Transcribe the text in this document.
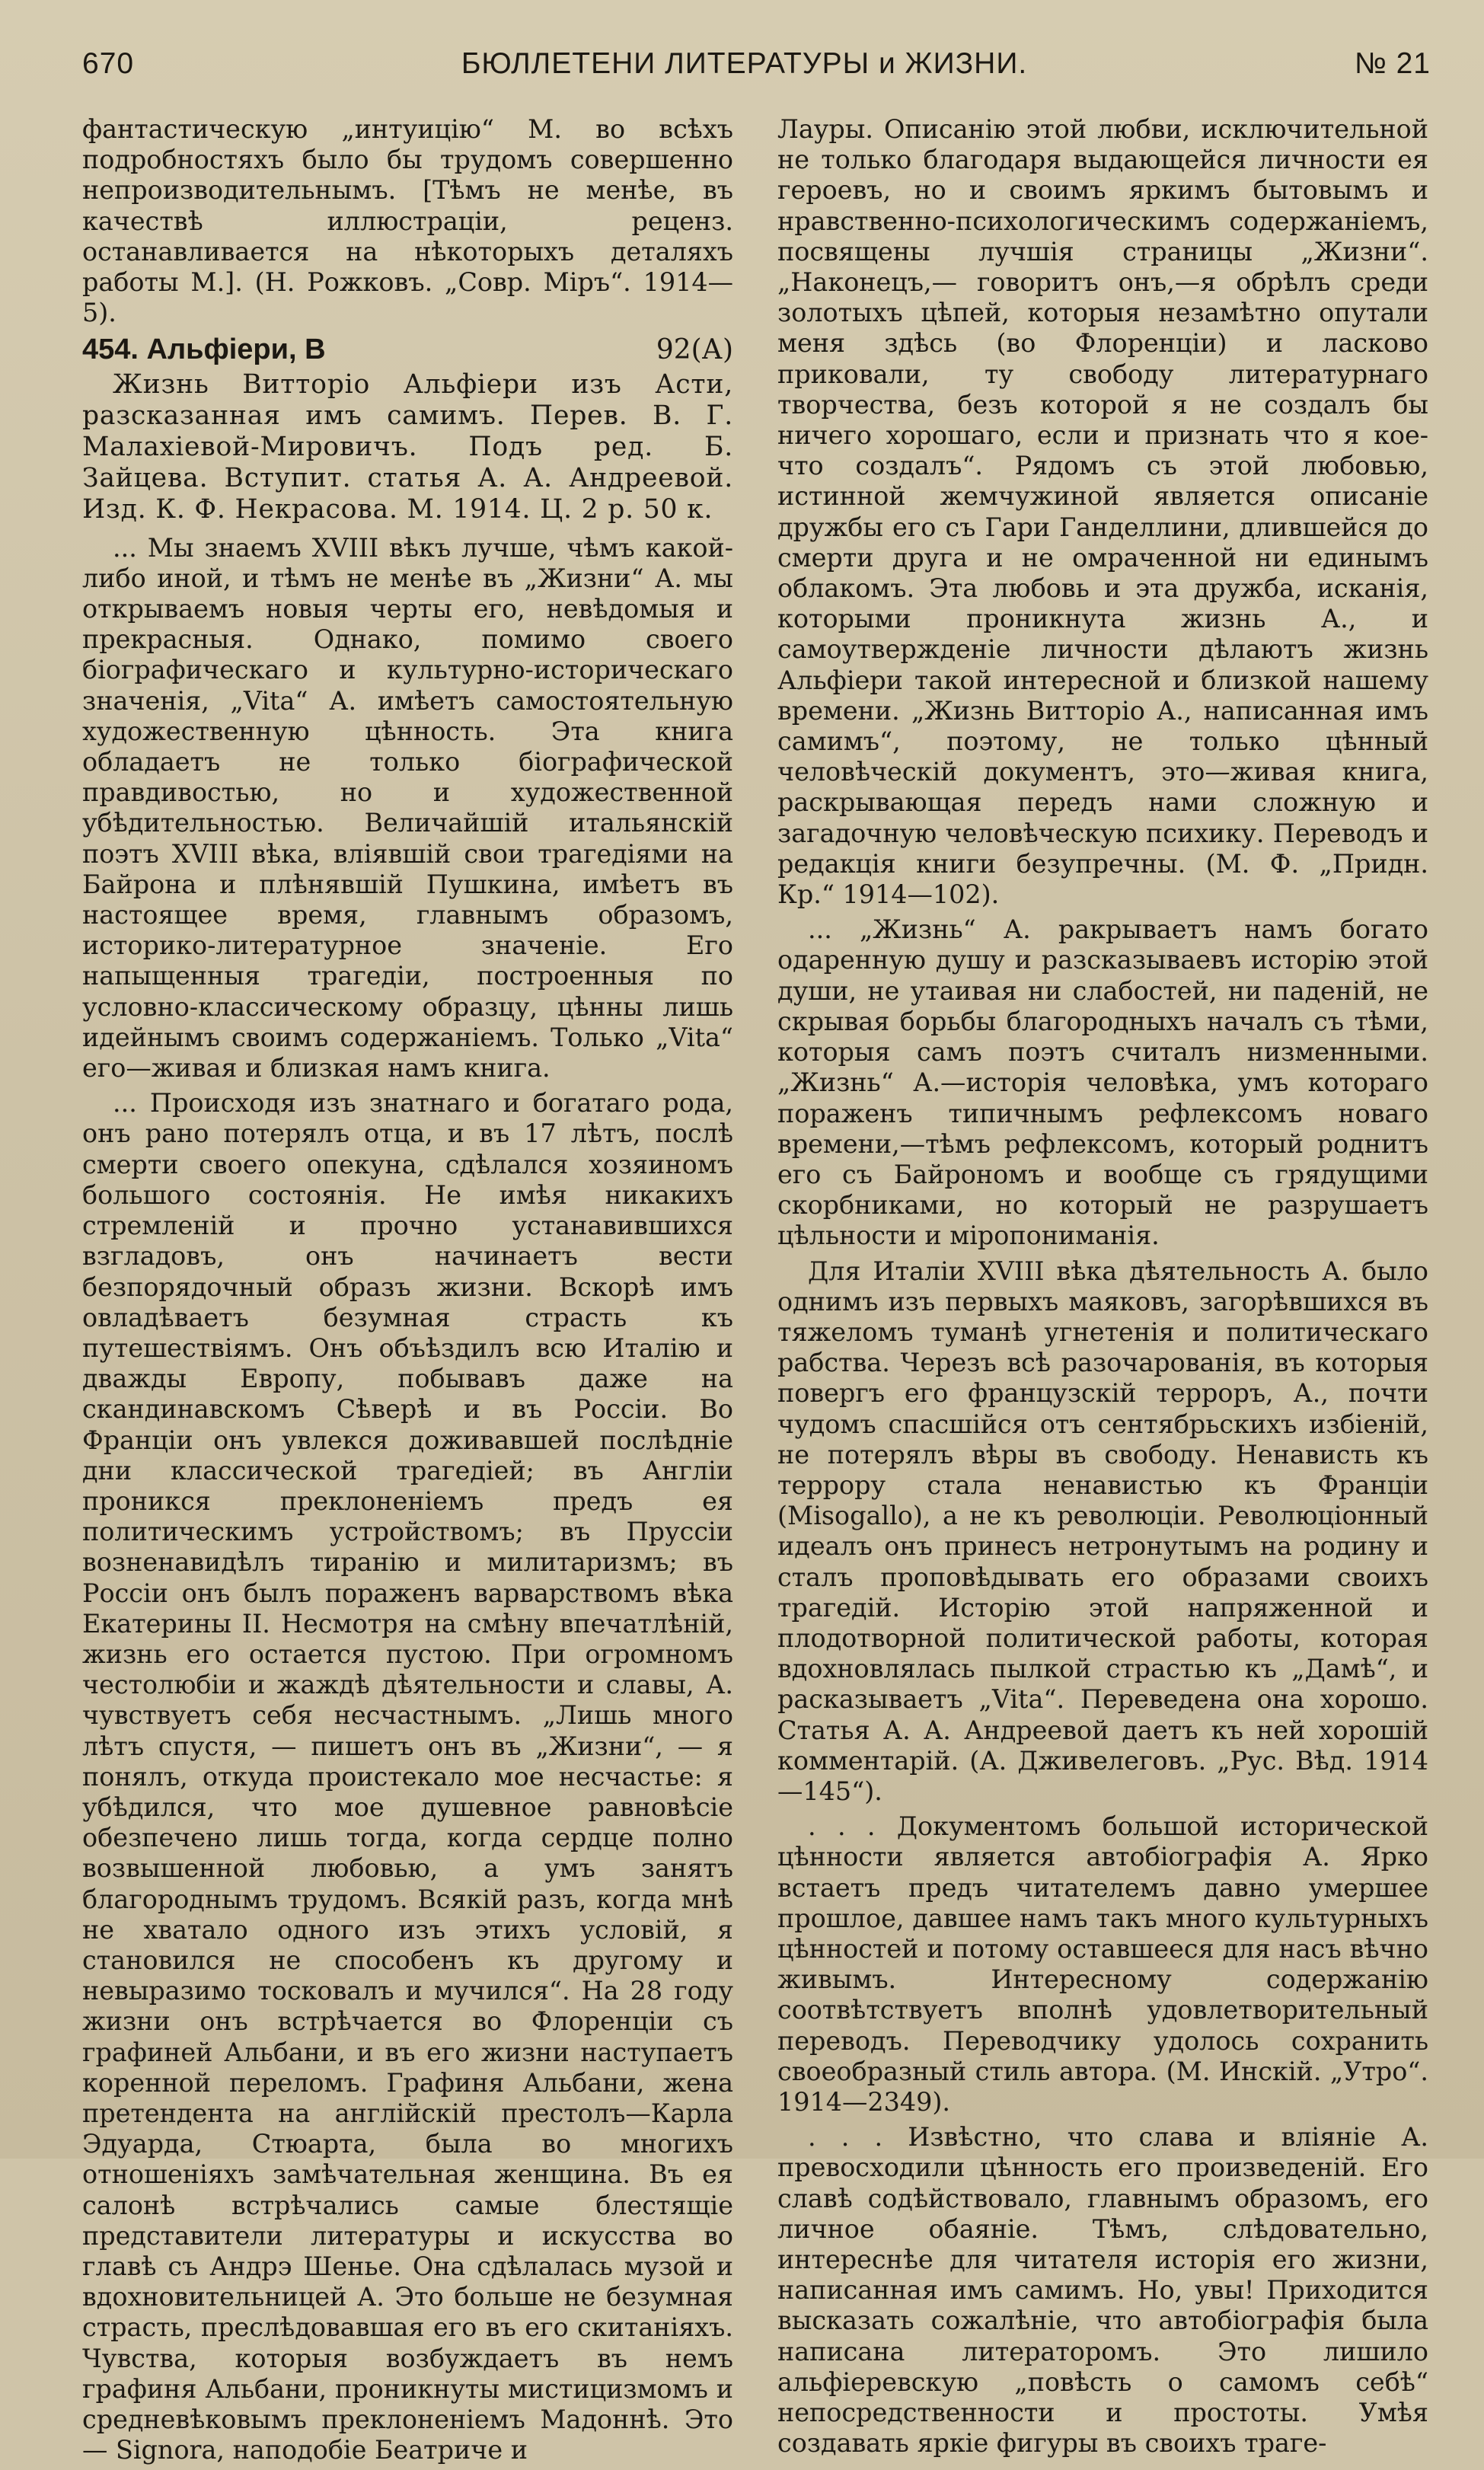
670	БЮЛЛЕТЕНИ ЛИТЕРАТУРЫ и ЖИЗНИ.	№ 21

фантастическую „интуицію“ М. во всѣхъ подробностяхъ было бы трудомъ совершенно непроизводительнымъ. [Тѣмъ не менѣе, въ качествѣ иллюстраціи, реценз. останавливается на нѣкоторыхъ деталяхъ работы М.]. (Н. Рожковъ. „Совр. Міръ“. 1914—5).

454. Альфіери, В	92(А)

Жизнь Витторіо Альфіери изъ Асти, разсказанная имъ самимъ. Перев. В. Г. Малахіевой-Мировичъ. Подъ ред. Б. Зайцева. Вступит. статья А. А. Андреевой. Изд. К. Ф. Некрасова. М. 1914. Ц. 2 р. 50 к.

... Мы знаемъ XVIII вѣкъ лучше, чѣмъ какой-либо иной, и тѣмъ не менѣе въ „Жизни“ А. мы открываемъ новыя черты его, невѣдомыя и прекрасныя. Однако, помимо своего біографическаго и культурно-историческаго значенія, „Vita“ А. имѣетъ самостоятельную художественную цѣнность. Эта книга обладаетъ не только біографической правдивостью, но и художественной убѣдительностью. Величайшій итальянскій поэтъ XVIII вѣка, вліявшій свои трагедіями на Байрона и плѣнявшій Пушкина, имѣетъ въ настоящее время, главнымъ образомъ, историко-литературное значеніе. Его напыщенныя трагедіи, построенныя по условно-классическому образцу, цѣнны лишь идейнымъ своимъ содержаніемъ. Только „Vita“ его—живая и близкая намъ книга.

... Происходя изъ знатнаго и богатаго рода, онъ рано потерялъ отца, и въ 17 лѣтъ, послѣ смерти своего опекуна, сдѣлался хозяиномъ большого состоянія. Не имѣя никакихъ стремленій и прочно устанавившихся взгладовъ, онъ начинаетъ вести безпорядочный образъ жизни. Вскорѣ имъ овладѣваетъ безумная страсть къ путешествіямъ. Онъ объѣздилъ всю Италію и дважды Европу, побывавъ даже на скандинавскомъ Сѣверѣ и въ Россіи. Во Франціи онъ увлекся доживавшей послѣдніе дни классической трагедіей; въ Англіи проникся преклоненіемъ предъ ея политическимъ устройствомъ; въ Пруссіи возненавидѣлъ тиранію и милитаризмъ; въ Россіи онъ былъ пораженъ варварствомъ вѣка Екатерины II. Несмотря на смѣну впечатлѣній, жизнь его остается пустою. При огромномъ честолюбіи и жаждѣ дѣятельности и славы, А. чувствуетъ себя несчастнымъ. „Лишь много лѣтъ спустя, — пишетъ онъ въ „Жизни“, — я понялъ, откуда проистекало мое несчастье: я убѣдился, что мое душевное равновѣсіе обезпечено лишь тогда, когда сердце полно возвышенной любовью, а умъ занятъ благороднымъ трудомъ. Всякій разъ, когда мнѣ не хватало одного изъ этихъ условій, я становился не способенъ къ другому и невыразимо тосковалъ и мучился“. На 28 году жизни онъ встрѣчается во Флоренціи съ графиней Альбани, и въ его жизни наступаетъ коренной переломъ. Графиня Альбани, жена претендента на англійскій престолъ—Карла Эдуарда, Стюарта, была во многихъ отношеніяхъ замѣчательная женщина. Въ ея салонѣ встрѣчались самые блестящіе представители литературы и искусства во главѣ съ Андрэ Шенье. Она сдѣлалась музой и вдохновительницей А. Это больше не безумная страсть, преслѣдовавшая его въ его скитаніяхъ. Чувства, которыя возбуждаетъ въ немъ графиня Альбани, проникнуты мистицизмомъ и средневѣковымъ преклоненіемъ Мадоннѣ. Это — Signora, наподобіе Беатриче и

Лауры. Описанію этой любви, исключительной не только благодаря выдающейся личности ея героевъ, но и своимъ яркимъ бытовымъ и нравственно-психологическимъ содержаніемъ, посвящены лучшія страницы „Жизни“. „Наконецъ,— говоритъ онъ,—я обрѣлъ среди золотыхъ цѣпей, которыя незамѣтно опутали меня здѣсь (во Флоренціи) и ласково приковали, ту свободу литературнаго творчества, безъ которой я не создалъ бы ничего хорошаго, если и признать что я кое-что создалъ“. Рядомъ съ этой любовью, истинной жемчужиной является описаніе дружбы его съ Гари Ганделлини, длившейся до смерти друга и не омраченной ни единымъ облакомъ. Эта любовь и эта дружба, исканія, которыми проникнута жизнь А., и самоутвержденіе личности дѣлаютъ жизнь Альфіери такой интересной и близкой нашему времени. „Жизнь Витторіо А., написанная имъ самимъ“, поэтому, не только цѣнный человѣческій документъ, это—живая книга, раскрывающая передъ нами сложную и загадочную человѣческую психику. Переводъ и редакція книги безупречны. (М. Ф. „Придн. Кр.“ 1914—102).

... „Жизнь“ А. ракрываетъ намъ богато одаренную душу и разсказываевъ исторію этой души, не утаивая ни слабостей, ни паденій, не скрывая борьбы благородныхъ началъ съ тѣми, которыя самъ поэтъ считалъ низменными. „Жизнь“ А.—исторія человѣка, умъ котораго пораженъ типичнымъ рефлексомъ новаго времени,—тѣмъ рефлексомъ, который роднитъ его съ Байрономъ и вообще съ грядущими скорбниками, но который не разрушаетъ цѣльности и міропониманія.

Для Италіи XVIII вѣка дѣятельность А. было однимъ изъ первыхъ маяковъ, загорѣвшихся въ тяжеломъ туманѣ угнетенія и политическаго рабства. Черезъ всѣ разочарованія, въ которыя повергъ его французскій терроръ, А., почти чудомъ спасшійся отъ сентябрьскихъ избіеній, не потерялъ вѣры въ свободу. Ненависть къ террору стала ненавистью къ Франціи (Misogallo), а не къ революціи. Революціонный идеалъ онъ принесъ нетронутымъ на родину и сталъ проповѣдывать его образами своихъ трагедій. Исторію этой напряженной и плодотворной политической работы, которая вдохновлялась пылкой страстью къ „Дамѣ“, и расказываетъ „Vita“. Переведена она хорошо. Статья А. А. Андреевой даетъ къ ней хорошій комментарій. (А. Дживелеговъ. „Рус. Вѣд. 1914—145“).

. . . Документомъ большой исторической цѣнности является автобіографія А. Ярко встаетъ предъ читателемъ давно умершее прошлое, давшее намъ такъ много культурныхъ цѣнностей и потому оставшееся для насъ вѣчно живымъ. Интересному содержанію соотвѣтствуетъ вполнѣ удовлетворительный переводъ. Переводчику удолось сохранить своеобразный стиль автора. (М. Инскій. „Утро“. 1914—2349).

. . . Извѣстно, что слава и вліяніе А. превосходили цѣнность его произведеній. Его славѣ содѣйствовало, главнымъ образомъ, его личное обаяніе. Тѣмъ, слѣдовательно, интереснѣе для читателя исторія его жизни, написанная имъ самимъ. Но, увы! Приходится высказать сожалѣніе, что автобіографія была написана литераторомъ. Это лишило альфіеревскую „повѣсть о самомъ себѣ“ непосредственности и простоты. Умѣя создавать яркіе фигуры въ своихъ траге-
